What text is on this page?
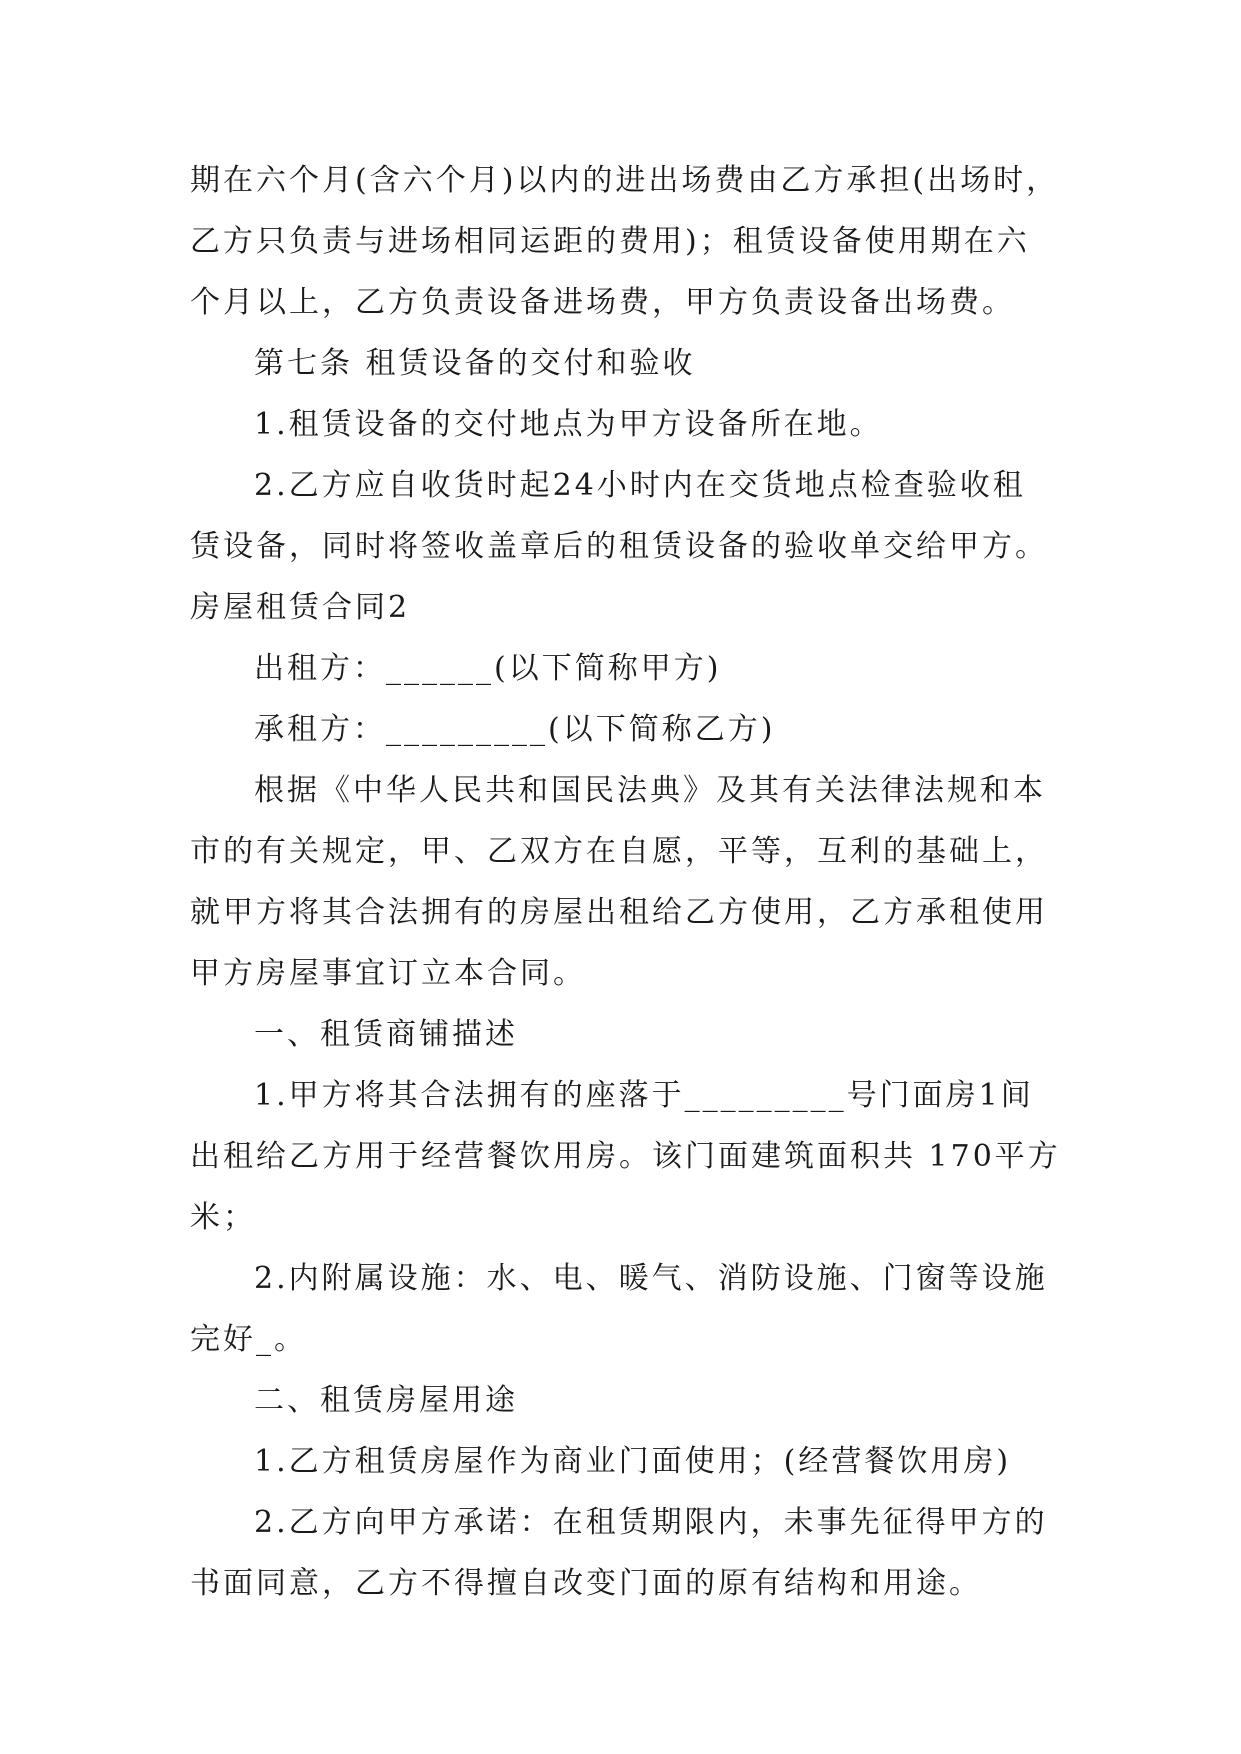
期在六个月(含六个月)以内的进出场费由乙方承担(出场时，
乙方只负责与进场相同运距的费用)；租赁设备使用期在六
个月以上，乙方负责设备进场费，甲方负责设备出场费。
第七条 租赁设备的交付和验收
1.租赁设备的交付地点为甲方设备所在地。
2.乙方应自收货时起24小时内在交货地点检查验收租
赁设备，同时将签收盖章后的租赁设备的验收单交给甲方。
房屋租赁合同2
出租方：______(以下简称甲方)
承租方：_________(以下简称乙方)
根据《中华人民共和国民法典》及其有关法律法规和本
市的有关规定，甲、乙双方在自愿，平等，互利的基础上，
就甲方将其合法拥有的房屋出租给乙方使用，乙方承租使用
甲方房屋事宜订立本合同。
一、租赁商铺描述
1.甲方将其合法拥有的座落于_________号门面房1间
出租给乙方用于经营餐饮用房。该门面建筑面积共 170平方
米；
2.内附属设施：水、电、暖气、消防设施、门窗等设施
完好_。
二、租赁房屋用途
1.乙方租赁房屋作为商业门面使用；(经营餐饮用房)
2.乙方向甲方承诺：在租赁期限内，未事先征得甲方的
书面同意，乙方不得擅自改变门面的原有结构和用途。
